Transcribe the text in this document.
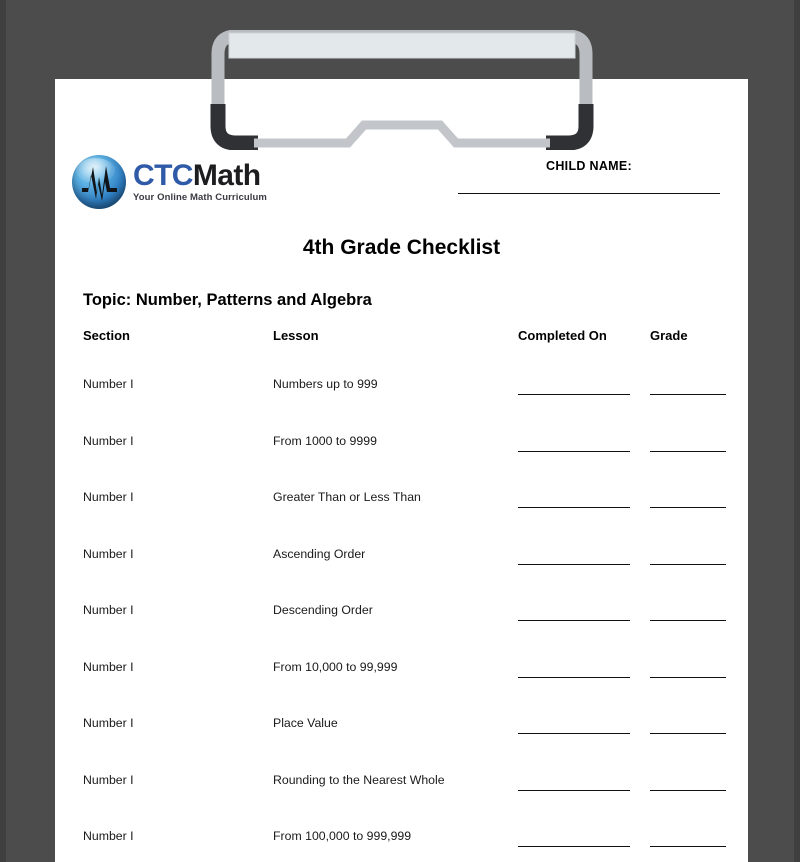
CTCMath
Your Online Math Curriculum
CHILD NAME:
4th Grade Checklist
Topic: Number, Patterns and Algebra
Section	Lesson	Completed On	Grade
Number I	Numbers up to 999
Number I	From 1000 to 9999
Number I	Greater Than or Less Than
Number I	Ascending Order
Number I	Descending Order
Number I	From 10,000 to 99,999
Number I	Place Value
Number I	Rounding to the Nearest Whole
Number I	From 100,000 to 999,999
